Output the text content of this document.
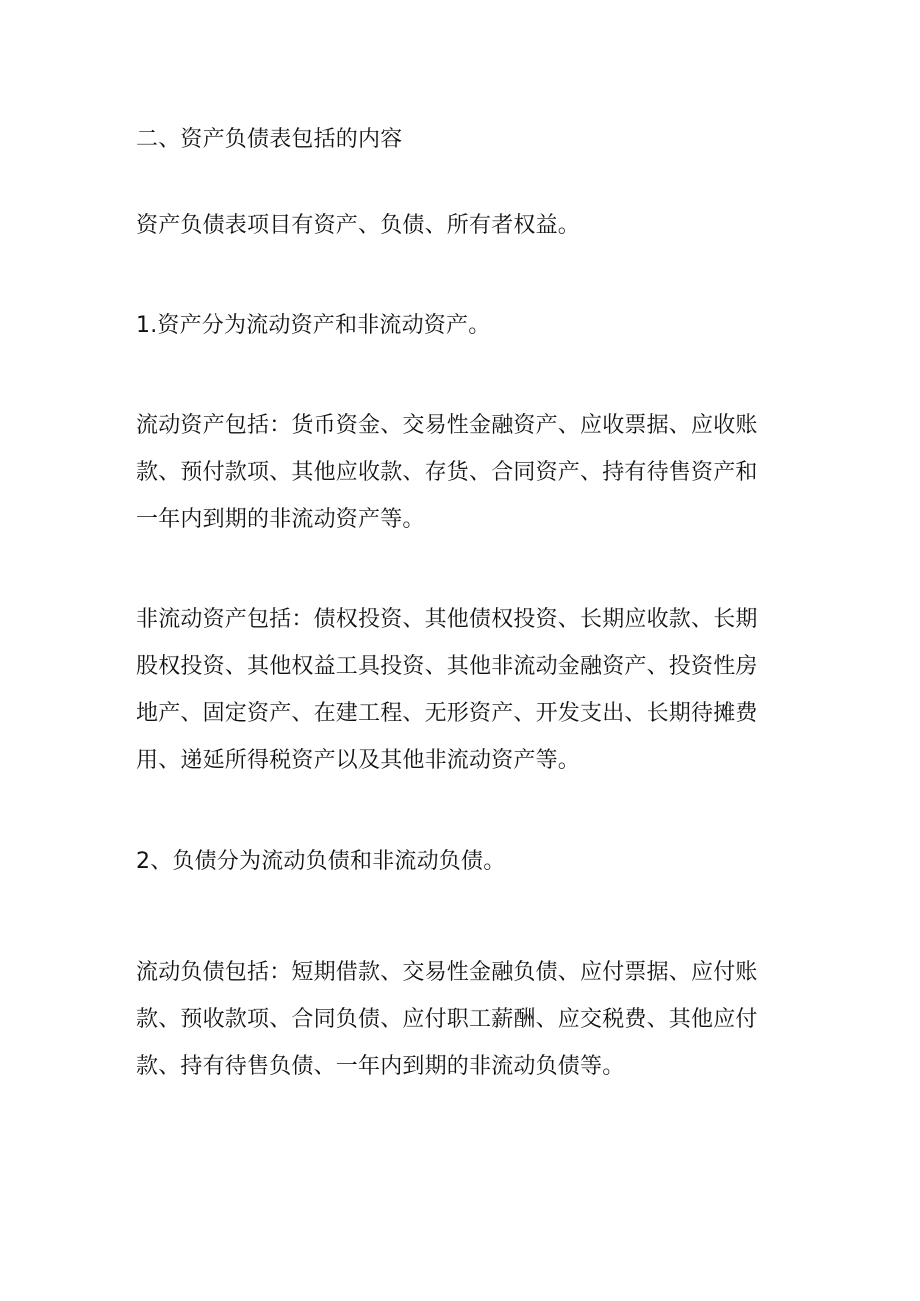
二、资产负债表包括的内容

资产负债表项目有资产、负债、所有者权益。

1.资产分为流动资产和非流动资产。

流动资产包括：货币资金、交易性金融资产、应收票据、应收账款、预付款项、其他应收款、存货、合同资产、持有待售资产和一年内到期的非流动资产等。

非流动资产包括：债权投资、其他债权投资、长期应收款、长期股权投资、其他权益工具投资、其他非流动金融资产、投资性房地产、固定资产、在建工程、无形资产、开发支出、长期待摊费用、递延所得税资产以及其他非流动资产等。

2、负债分为流动负债和非流动负债。

流动负债包括：短期借款、交易性金融负债、应付票据、应付账款、预收款项、合同负债、应付职工薪酬、应交税费、其他应付款、持有待售负债、一年内到期的非流动负债等。
